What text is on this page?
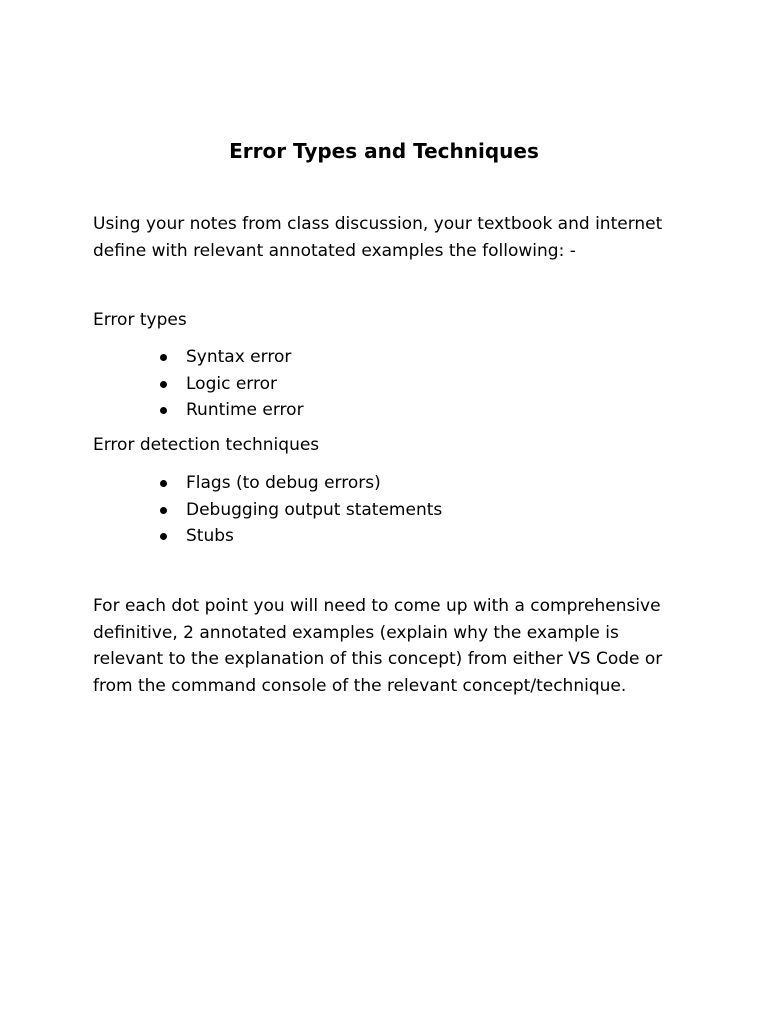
Error Types and Techniques

Using your notes from class discussion, your textbook and internet define with relevant annotated examples the following: -

Error types

Syntax error
Logic error
Runtime error

Error detection techniques

Flags (to debug errors)
Debugging output statements
Stubs

For each dot point you will need to come up with a comprehensive definitive, 2 annotated examples (explain why the example is relevant to the explanation of this concept) from either VS Code or from the command console of the relevant concept/technique.
